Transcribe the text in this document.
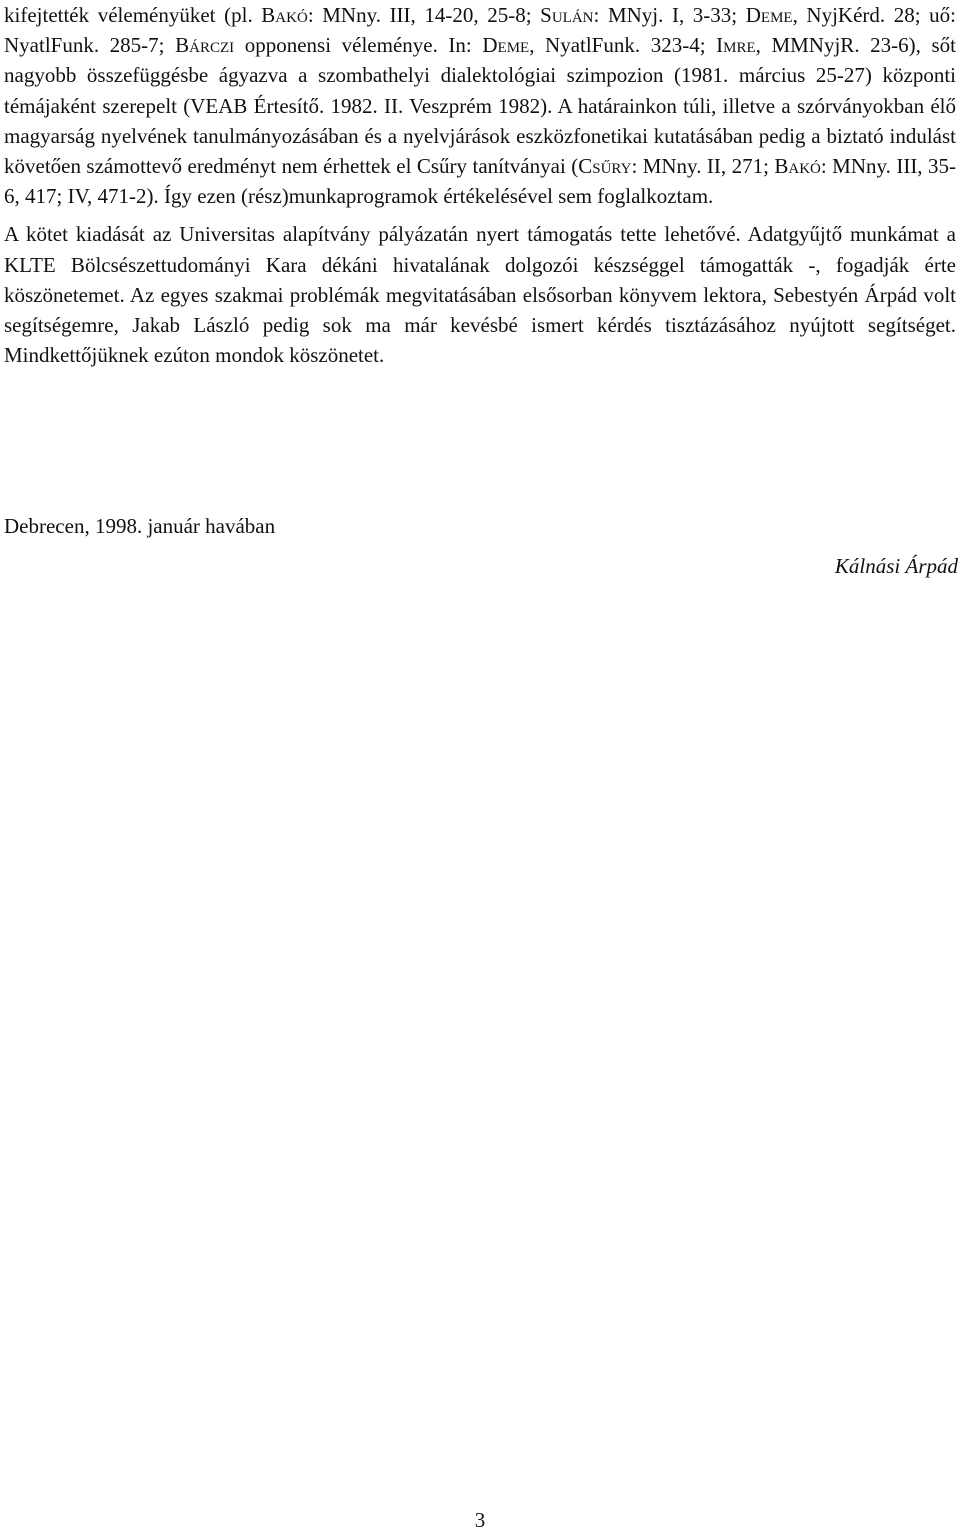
kifejtették véleményüket (pl. Bakó: MNny. III, 14-20, 25-8; Sulán: MNyj. I, 3-33; Deme, NyjKérd. 28; uő: NyatlFunk. 285-7; Bárczi opponensi véleménye. In: Deme, NyatlFunk. 323-4; Imre, MMNyjR. 23-6), sőt nagyobb összefüggésbe ágyazva a szombathelyi dialektológiai szimpozion (1981. március 25-27) központi témájaként szerepelt (VEAB Értesítő. 1982. II. Veszprém 1982). A határainkon túli, illetve a szórványokban élő magyarság nyelvének tanulmányozásában és a nyelvjárások eszközfonetikai kutatásában pedig a biztató indulást követően számottevő eredményt nem érhettek el Csűry tanítványai (Csűry: MNny. II, 271; Bakó: MNny. III, 35-6, 417; IV, 471-2). Így ezen (rész)munkaprogramok értékelésével sem foglalkoztam.

A kötet kiadását az Universitas alapítvány pályázatán nyert támogatás tette lehetővé. Adatgyűjtő munkámat a KLTE Bölcsészettudományi Kara dékáni hivatalának dolgozói készséggel támogatták -, fogadják érte köszönetemet. Az egyes szakmai problémák megvitatásában elsősorban könyvem lektora, Sebestyén Árpád volt segítségemre, Jakab László pedig sok ma már kevésbé ismert kérdés tisztázásához nyújtott segítséget. Mindkettőjüknek ezúton mondok köszönetet.

Debrecen, 1998. január havában
Kálnási Árpád
3
